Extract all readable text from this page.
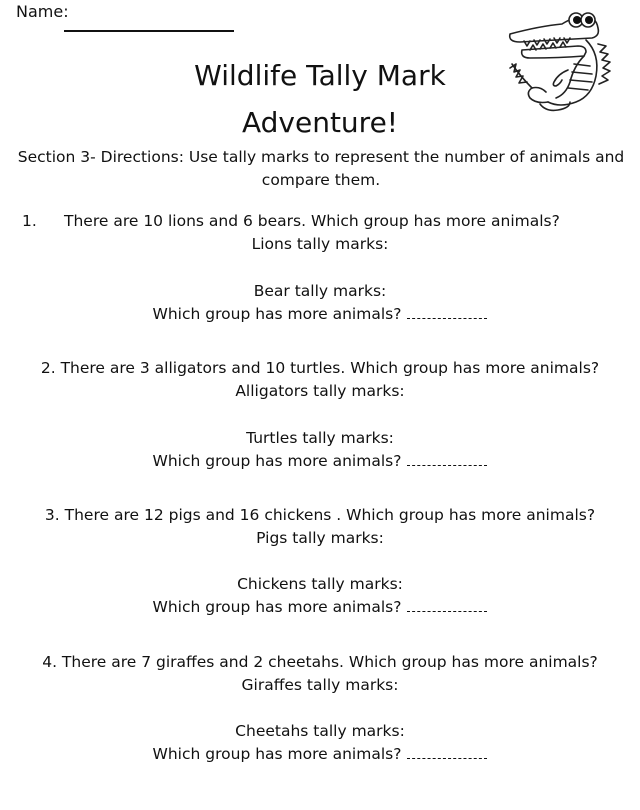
Name:
Wildlife Tally Mark
Adventure!
Section 3- Directions: Use tally marks to represent the number of animals and compare them.
1. There are 10 lions and 6 bears. Which group has more animals?
Lions tally marks:
Bear tally marks:
Which group has more animals?
2. There are 3 alligators and 10 turtles. Which group has more animals?
Alligators tally marks:
Turtles tally marks:
Which group has more animals?
3. There are 12 pigs and 16 chickens . Which group has more animals?
Pigs tally marks:
Chickens tally marks:
Which group has more animals?
4. There are 7 giraffes and 2 cheetahs. Which group has more animals?
Giraffes tally marks:
Cheetahs tally marks:
Which group has more animals?
